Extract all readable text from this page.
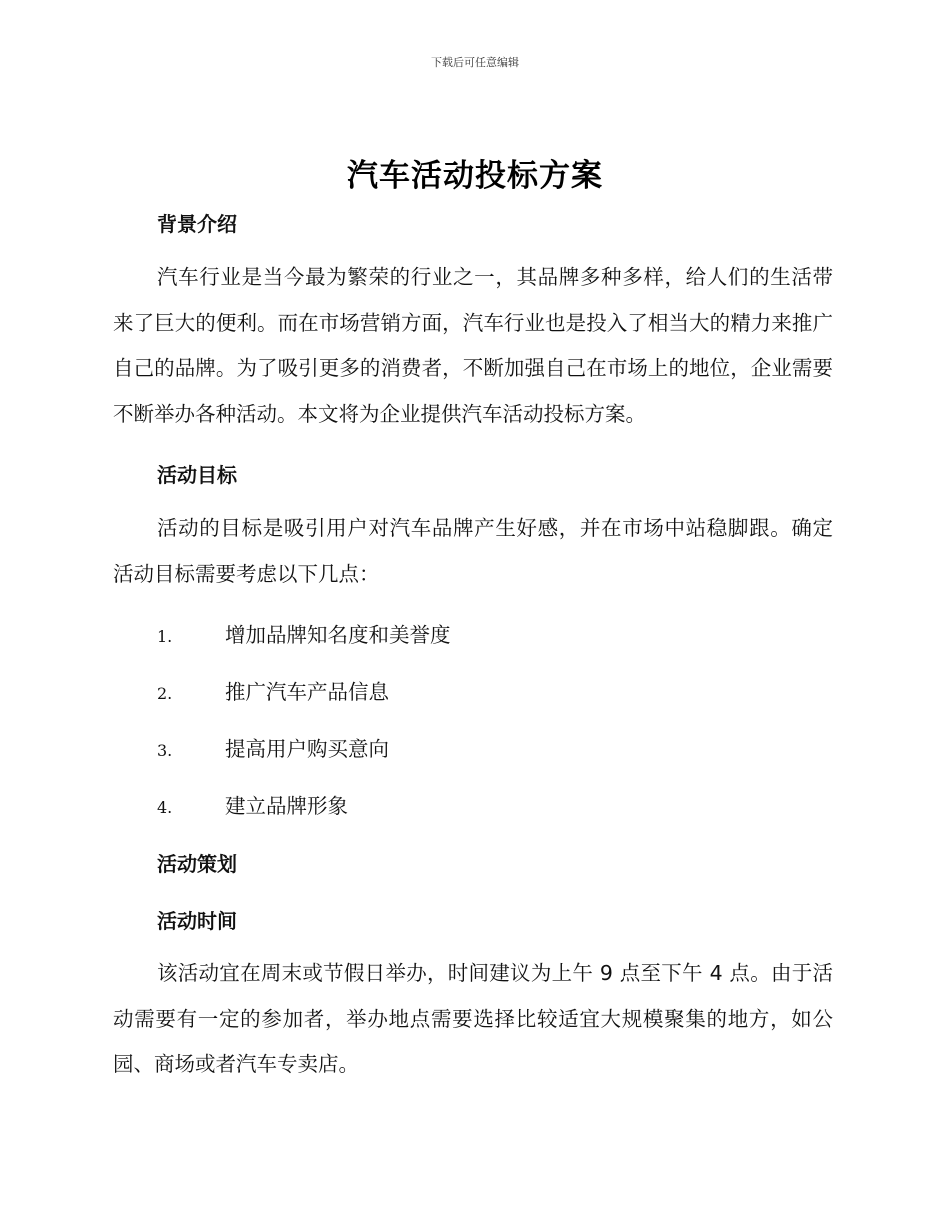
下载后可任意编辑
汽车活动投标方案
背景介绍
汽车行业是当今最为繁荣的行业之一，其品牌多种多样，给人们的生活带来了巨大的便利。而在市场营销方面，汽车行业也是投入了相当大的精力来推广自己的品牌。为了吸引更多的消费者，不断加强自己在市场上的地位，企业需要不断举办各种活动。本文将为企业提供汽车活动投标方案。
活动目标
活动的目标是吸引用户对汽车品牌产生好感，并在市场中站稳脚跟。确定活动目标需要考虑以下几点：
1.	增加品牌知名度和美誉度
2.	推广汽车产品信息
3.	提高用户购买意向
4.	建立品牌形象
活动策划
活动时间
该活动宜在周末或节假日举办，时间建议为上午 9 点至下午 4 点。由于活动需要有一定的参加者，举办地点需要选择比较适宜大规模聚集的地方，如公园、商场或者汽车专卖店。
